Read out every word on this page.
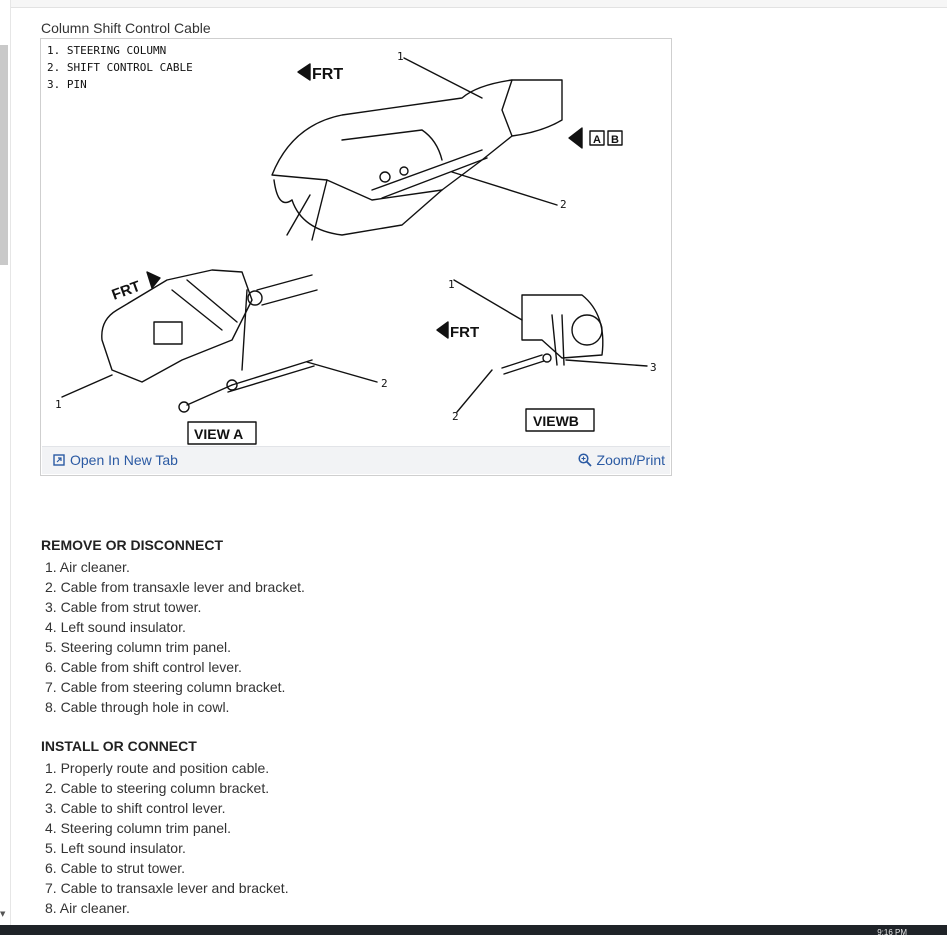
▼
Column Shift Control Cable
FRT
FRT
FRT
VIEW A
VIEWB
A B
1
2
1
2
1
3
2
1. STEERING COLUMN
2. SHIFT CONTROL CABLE
3. PIN
Open In New Tab	Zoom/Print
REMOVE OR DISCONNECT
1. Air cleaner.
2. Cable from transaxle lever and bracket.
3. Cable from strut tower.
4. Left sound insulator.
5. Steering column trim panel.
6. Cable from shift control lever.
7. Cable from steering column bracket.
8. Cable through hole in cowl.
INSTALL OR CONNECT
1. Properly route and position cable.
2. Cable to steering column bracket.
3. Cable to shift control lever.
4. Steering column trim panel.
5. Left sound insulator.
6. Cable to strut tower.
7. Cable to transaxle lever and bracket.
8. Air cleaner.
9:16 PM
